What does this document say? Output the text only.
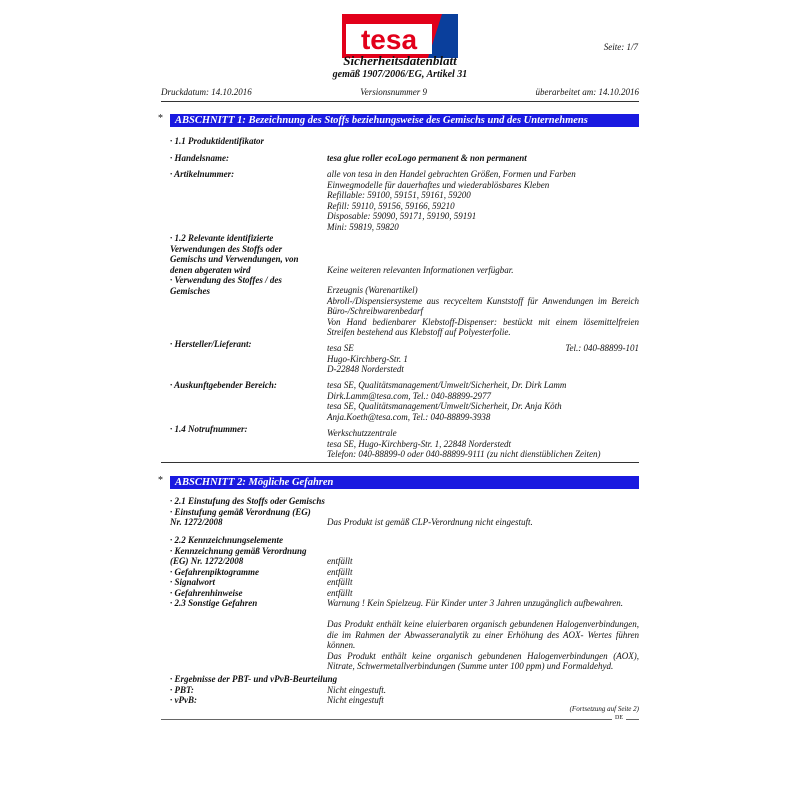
tesa	Seite: 1/7
Sicherheitsdatenblatt
gemäß 1907/2006/EG, Artikel 31
Druckdatum: 14.10.2016	Versionsnummer 9	überarbeitet am: 14.10.2016
*	ABSCHNITT 1: Bezeichnung des Stoffs beziehungsweise des Gemischs und des Unternehmens
· 1.1 Produktidentifikator
· Handelsname:	tesa glue roller ecoLogo permanent & non permanent
· Artikelnummer:	alle von tesa in den Handel gebrachten Größen, Formen und Farben
Einwegmodelle für dauerhaftes und wiederablösbares Kleben
Refillable: 59100, 59151, 59161, 59200
Refill: 59110, 59156, 59166, 59210
Disposable: 59090, 59171, 59190, 59191
Mini: 59819, 59820
· 1.2 Relevante identifizierte
Verwendungen des Stoffs oder
Gemischs und Verwendungen, von
denen abgeraten wird	Keine weiteren relevanten Informationen verfügbar.
· Verwendung des Stoffes / des
Gemisches	Erzeugnis (Warenartikel)
Abroll-/Dispensiersysteme aus recyceltem Kunststoff für Anwendungen im Bereich Büro-/Schreibwarenbedarf
Von Hand bedienbarer Klebstoff-Dispenser: bestückt mit einem lösemittelfreien Streifen bestehend aus Klebstoff auf Polyesterfolie.
· Hersteller/Lieferant:	tesa SE	Tel.: 040-88899-101
Hugo-Kirchberg-Str. 1
D-22848 Norderstedt
· Auskunftgebender Bereich:	tesa SE, Qualitätsmanagement/Umwelt/Sicherheit, Dr. Dirk Lamm
Dirk.Lamm@tesa.com, Tel.: 040-88899-2977
tesa SE, Qualitätsmanagement/Umwelt/Sicherheit, Dr. Anja Köth
Anja.Koeth@tesa.com, Tel.: 040-88899-3938
· 1.4 Notrufnummer:	Werkschutzzentrale
tesa SE, Hugo-Kirchberg-Str. 1, 22848 Norderstedt
Telefon: 040-88899-0 oder 040-88899-9111 (zu nicht dienstüblichen Zeiten)
*	ABSCHNITT 2: Mögliche Gefahren
· 2.1 Einstufung des Stoffs oder Gemischs
· Einstufung gemäß Verordnung (EG)
Nr. 1272/2008	Das Produkt ist gemäß CLP-Verordnung nicht eingestuft.
· 2.2 Kennzeichnungselemente
· Kennzeichnung gemäß Verordnung
(EG) Nr. 1272/2008	entfällt
· Gefahrenpiktogramme	entfällt
· Signalwort	entfällt
· Gefahrenhinweise	entfällt
· 2.3 Sonstige Gefahren	Warnung ! Kein Spielzeug. Für Kinder unter 3 Jahren unzugänglich aufbewahren.
Das Produkt enthält keine eluierbaren organisch gebundenen Halogenverbindungen, die im Rahmen der Abwasseranalytik zu einer Erhöhung des AOX- Wertes führen können.
Das Produkt enthält keine organisch gebundenen Halogenverbindungen (AOX), Nitrate, Schwermetallverbindungen (Summe unter 100 ppm) und Formaldehyd.
· Ergebnisse der PBT- und vPvB-Beurteilung
· PBT:	Nicht eingestuft.
· vPvB:	Nicht eingestuft
(Fortsetzung auf Seite 2)
DE
